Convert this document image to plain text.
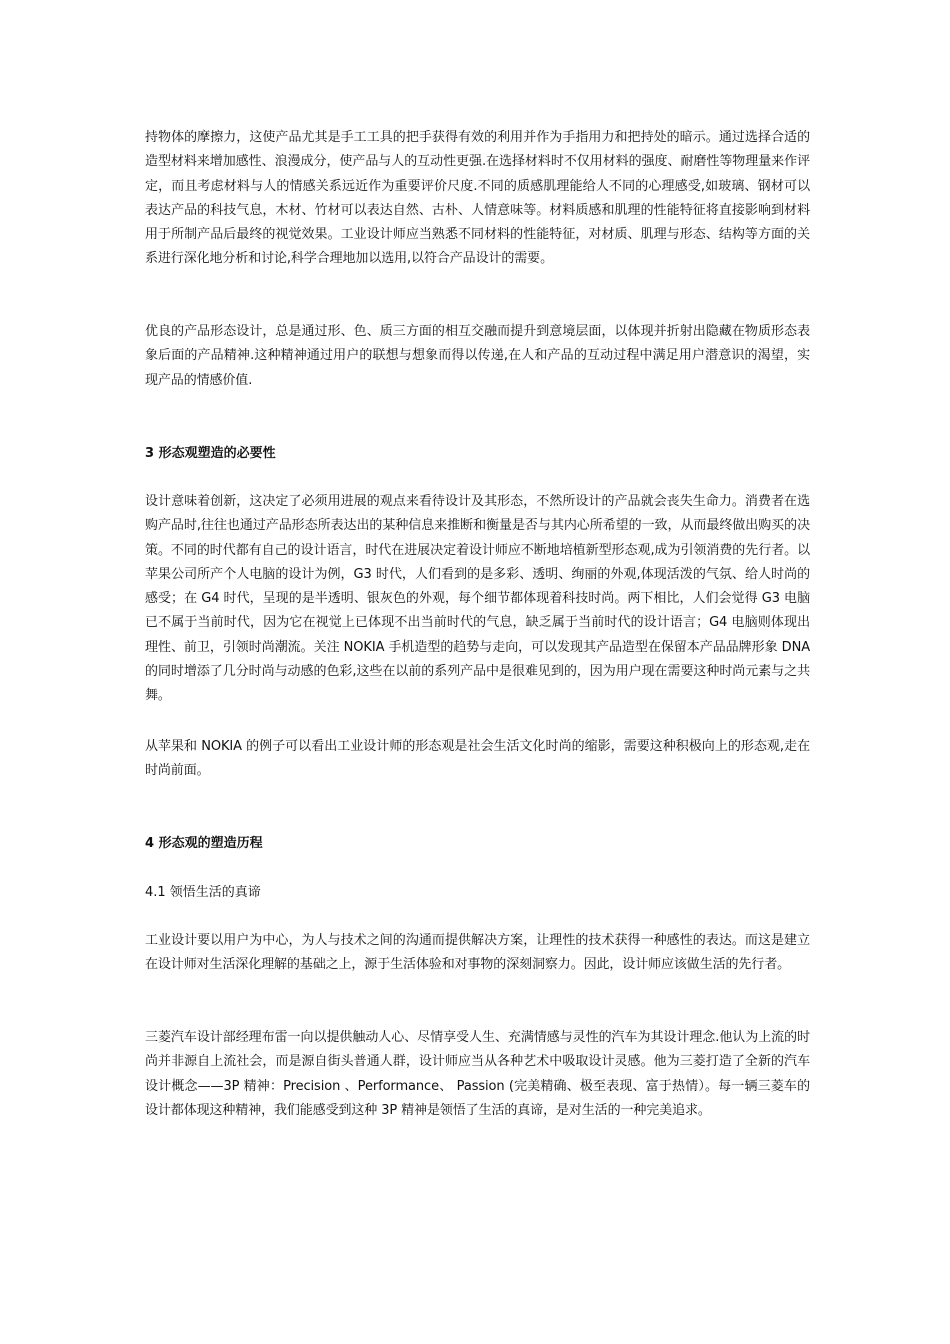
持物体的摩擦力，这使产品尤其是手工工具的把手获得有效的利用并作为手指用力和把持处的暗示。通过选择合适的造型材料来增加感性、浪漫成分，使产品与人的互动性更强.在选择材料时不仅用材料的强度、耐磨性等物理量来作评定，而且考虑材料与人的情感关系远近作为重要评价尺度.不同的质感肌理能给人不同的心理感受,如玻璃、钢材可以表达产品的科技气息，木材、竹材可以表达自然、古朴、人情意味等。材料质感和肌理的性能特征将直接影响到材料用于所制产品后最终的视觉效果。工业设计师应当熟悉不同材料的性能特征，对材质、肌理与形态、结构等方面的关系进行深化地分析和讨论,科学合理地加以选用,以符合产品设计的需要。

优良的产品形态设计，总是通过形、色、质三方面的相互交融而提升到意境层面，以体现并折射出隐藏在物质形态表象后面的产品精神.这种精神通过用户的联想与想象而得以传递,在人和产品的互动过程中满足用户潜意识的渴望，实现产品的情感价值.

3 形态观塑造的必要性

设计意味着创新，这决定了必须用进展的观点来看待设计及其形态，不然所设计的产品就会丧失生命力。消费者在选购产品时,往往也通过产品形态所表达出的某种信息来推断和衡量是否与其内心所希望的一致，从而最终做出购买的决策。不同的时代都有自己的设计语言，时代在进展决定着设计师应不断地培植新型形态观,成为引领消费的先行者。以苹果公司所产个人电脑的设计为例，G3 时代，人们看到的是多彩、透明、绚丽的外观,体现活泼的气氛、给人时尚的感受；在 G4 时代，呈现的是半透明、银灰色的外观，每个细节都体现着科技时尚。两下相比，人们会觉得 G3 电脑已不属于当前时代，因为它在视觉上已体现不出当前时代的气息，缺乏属于当前时代的设计语言；G4 电脑则体现出理性、前卫，引领时尚潮流。关注 NOKIA 手机造型的趋势与走向，可以发现其产品造型在保留本产品品牌形象 DNA 的同时增添了几分时尚与动感的色彩,这些在以前的系列产品中是很难见到的，因为用户现在需要这种时尚元素与之共舞。

从苹果和 NOKIA 的例子可以看出工业设计师的形态观是社会生活文化时尚的缩影，需要这种积极向上的形态观,走在时尚前面。

4 形态观的塑造历程

4.1 领悟生活的真谛

工业设计要以用户为中心，为人与技术之间的沟通而提供解决方案，让理性的技术获得一种感性的表达。而这是建立在设计师对生活深化理解的基础之上，源于生活体验和对事物的深刻洞察力。因此，设计师应该做生活的先行者。

三菱汽车设计部经理布雷一向以提供触动人心、尽情享受人生、充满情感与灵性的汽车为其设计理念.他认为上流的时尚并非源自上流社会，而是源自街头普通人群，设计师应当从各种艺术中吸取设计灵感。他为三菱打造了全新的汽车设计概念——3P 精神：Precision 、Performance、 Passion (完美精确、极至表现、富于热情）。每一辆三菱车的设计都体现这种精神，我们能感受到这种 3P 精神是领悟了生活的真谛，是对生活的一种完美追求。
